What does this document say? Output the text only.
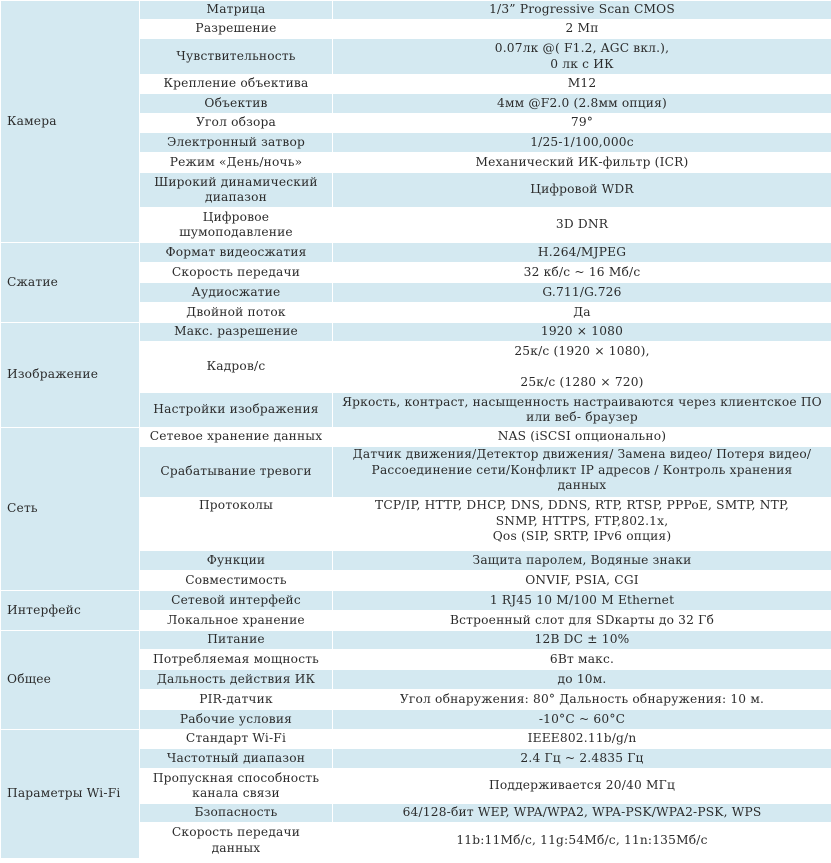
Камера	Матрица	1/3” Progressive Scan CMOS
	Разрешение	2 Мп
	Чувствительность	0.07лк @( F1.2, AGC вкл.),
0 лк с ИК
	Крепление объектива	M12
	Объектив	4мм @F2.0 (2.8мм опция)
	Угол обзора	79°
	Электронный затвор	1/25-1/100,000c
	Режим «День/ночь»	Механический ИК-фильтр (ICR)
	Широкий динамический
диапазон	Цифровой WDR
	Цифровое
шумоподавление	3D DNR
Сжатие	Формат видеосжатия	H.264/MJPEG
	Скорость передачи	32 кб/с ~ 16 Мб/с
	Аудиосжатие	G.711/G.726
	Двойной поток	Да
Изображение	Макс. разрешение	1920 × 1080
	Кадров/с	25к/с (1920 × 1080),

25к/с (1280 × 720)
	Настройки изображения	Яркость, контраст, насыщенность настраиваются через клиентское ПО
или веб- браузер
Сеть	Сетевое хранение данных	NAS (iSCSI опционально)
	Срабатывание тревоги	Датчик движения/Детектор движения/ Замена видео/ Потеря видео/
Рассоединение сети/Конфликт IP адресов / Контроль хранения
данных
	Протоколы	TCP/IP, HTTP, DHCP, DNS, DDNS, RTP, RTSP, PPPoE, SMTP, NTP,
SNMP, HTTPS, FTP,802.1x,
Qos (SIP, SRTP, IPv6 опция)
	Функции	Защита паролем, Водяные знаки
	Совместимость	ONVIF, PSIA, CGI
Интерфейс	Сетевой интерфейс	1 RJ45 10 M/100 M Ethernet
	Локальное хранение	Встроенный слот для SDкарты до 32 Гб
Общее	Питание	12В DC ± 10%
	Потребляемая мощность	6Вт макс.
	Дальность действия ИК	до 10м.
	PIR-датчик	Угол обнаружения: 80° Дальность обнаружения: 10 м.
	Рабочие условия	-10°C ~ 60°C
Параметры Wi-Fi	Стандарт Wi-Fi	IEEE802.11b/g/n
	Частотный диапазон	2.4 Гц ~ 2.4835 Гц
	Пропускная способность
канала связи	Поддерживается 20/40 МГц
	Бзопасность	64/128-бит WEP, WPA/WPA2, WPA-PSK/WPA2-PSK, WPS
	Скорость передачи
данных	11b:11Мб/с, 11g:54Мб/с, 11n:135Мб/с
